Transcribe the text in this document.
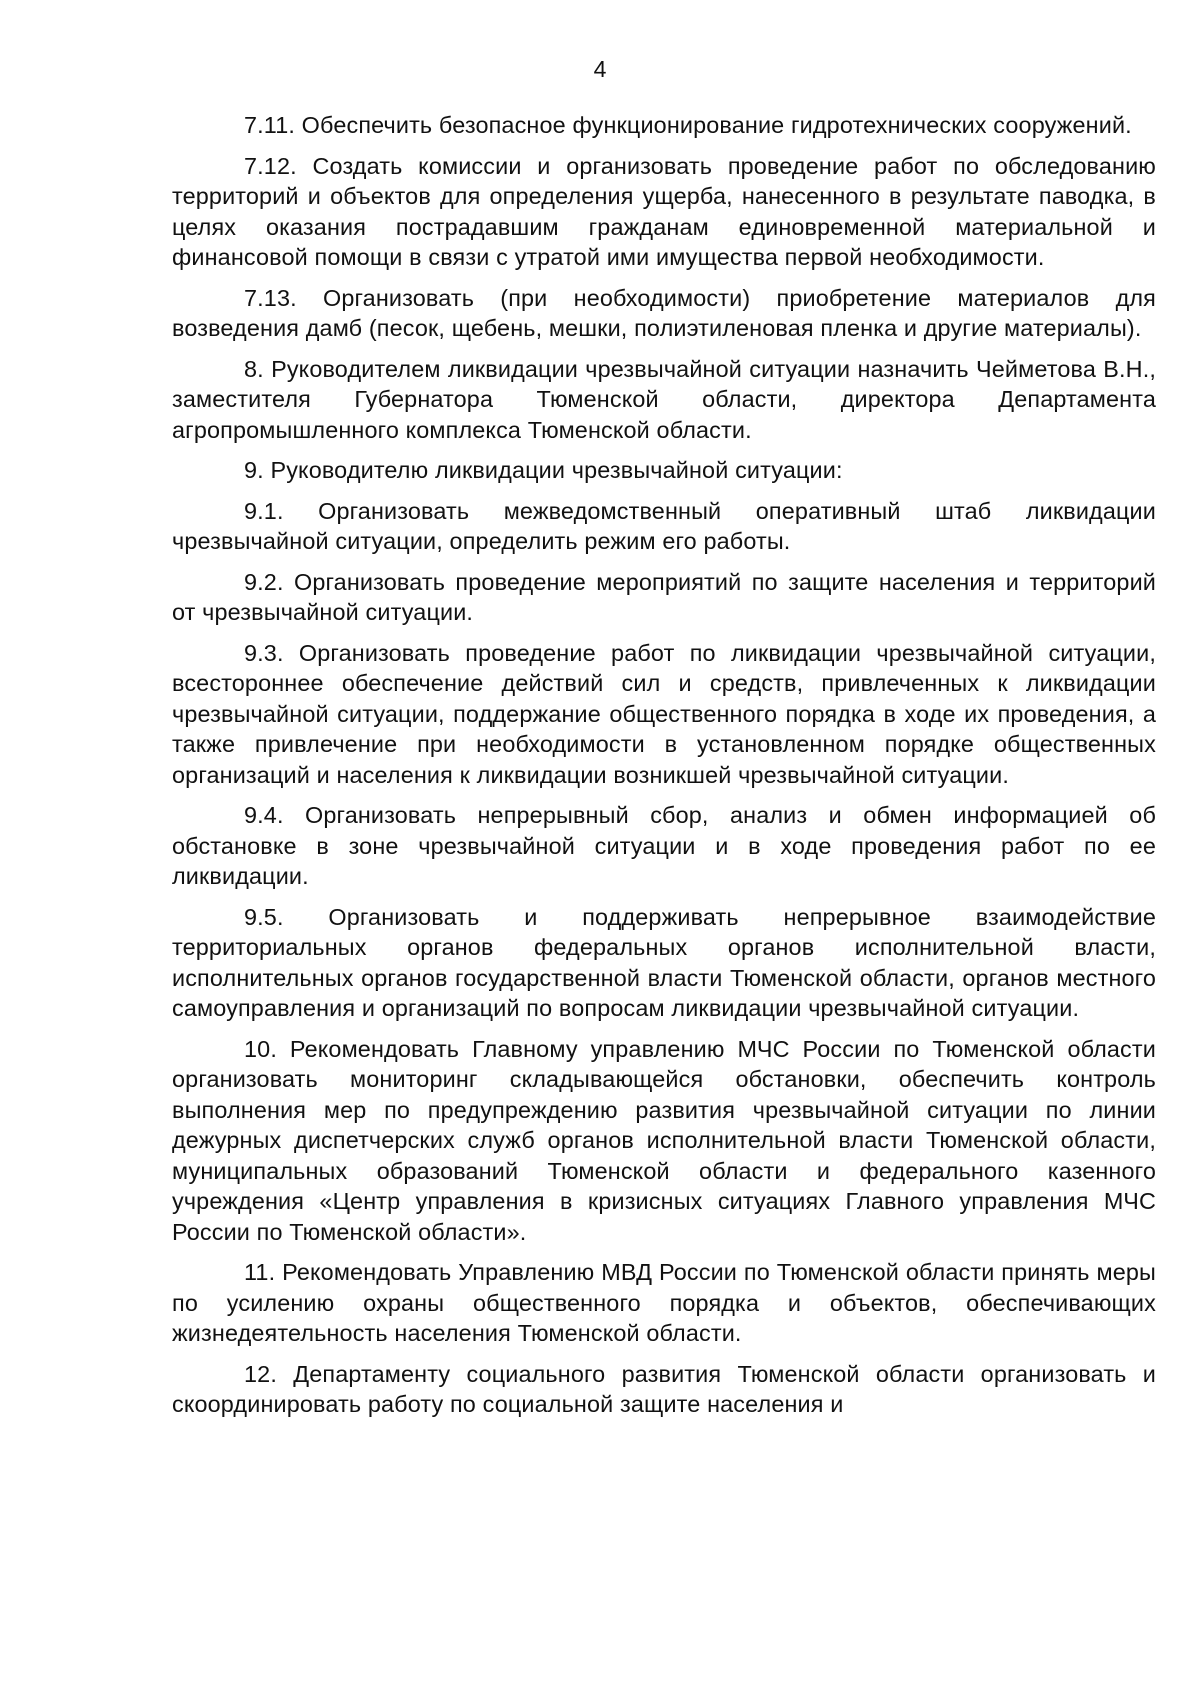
4

7.11. Обеспечить безопасное функционирование гидротехнических сооружений.

7.12. Создать комиссии и организовать проведение работ по обследованию территорий и объектов для определения ущерба, нанесенного в результате паводка, в целях оказания пострадавшим гражданам единовременной материальной и финансовой помощи в связи с утратой ими имущества первой необходимости.

7.13. Организовать (при необходимости) приобретение материалов для возведения дамб (песок, щебень, мешки, полиэтиленовая пленка и другие материалы).

8. Руководителем ликвидации чрезвычайной ситуации назначить Чейметова В.Н., заместителя Губернатора Тюменской области, директора Департамента агропромышленного комплекса Тюменской области.

9. Руководителю ликвидации чрезвычайной ситуации:

9.1. Организовать межведомственный оперативный штаб ликвидации чрезвычайной ситуации, определить режим его работы.

9.2. Организовать проведение мероприятий по защите населения и территорий от чрезвычайной ситуации.

9.3. Организовать проведение работ по ликвидации чрезвычайной ситуации, всестороннее обеспечение действий сил и средств, привлеченных к ликвидации чрезвычайной ситуации, поддержание общественного порядка в ходе их проведения, а также привлечение при необходимости в установленном порядке общественных организаций и населения к ликвидации возникшей чрезвычайной ситуации.

9.4. Организовать непрерывный сбор, анализ и обмен информацией об обстановке в зоне чрезвычайной ситуации и в ходе проведения работ по ее ликвидации.

9.5. Организовать и поддерживать непрерывное взаимодействие территориальных органов федеральных органов исполнительной власти, исполнительных органов государственной власти Тюменской области, органов местного самоуправления и организаций по вопросам ликвидации чрезвычайной ситуации.

10. Рекомендовать Главному управлению МЧС России по Тюменской области организовать мониторинг складывающейся обстановки, обеспечить контроль выполнения мер по предупреждению развития чрезвычайной ситуации по линии дежурных диспетчерских служб органов исполнительной власти Тюменской области, муниципальных образований Тюменской области и федерального казенного учреждения «Центр управления в кризисных ситуациях Главного управления МЧС России по Тюменской области».

11. Рекомендовать Управлению МВД России по Тюменской области принять меры по усилению охраны общественного порядка и объектов, обеспечивающих жизнедеятельность населения Тюменской области.

12. Департаменту социального развития Тюменской области организовать и скоординировать работу по социальной защите населения и
